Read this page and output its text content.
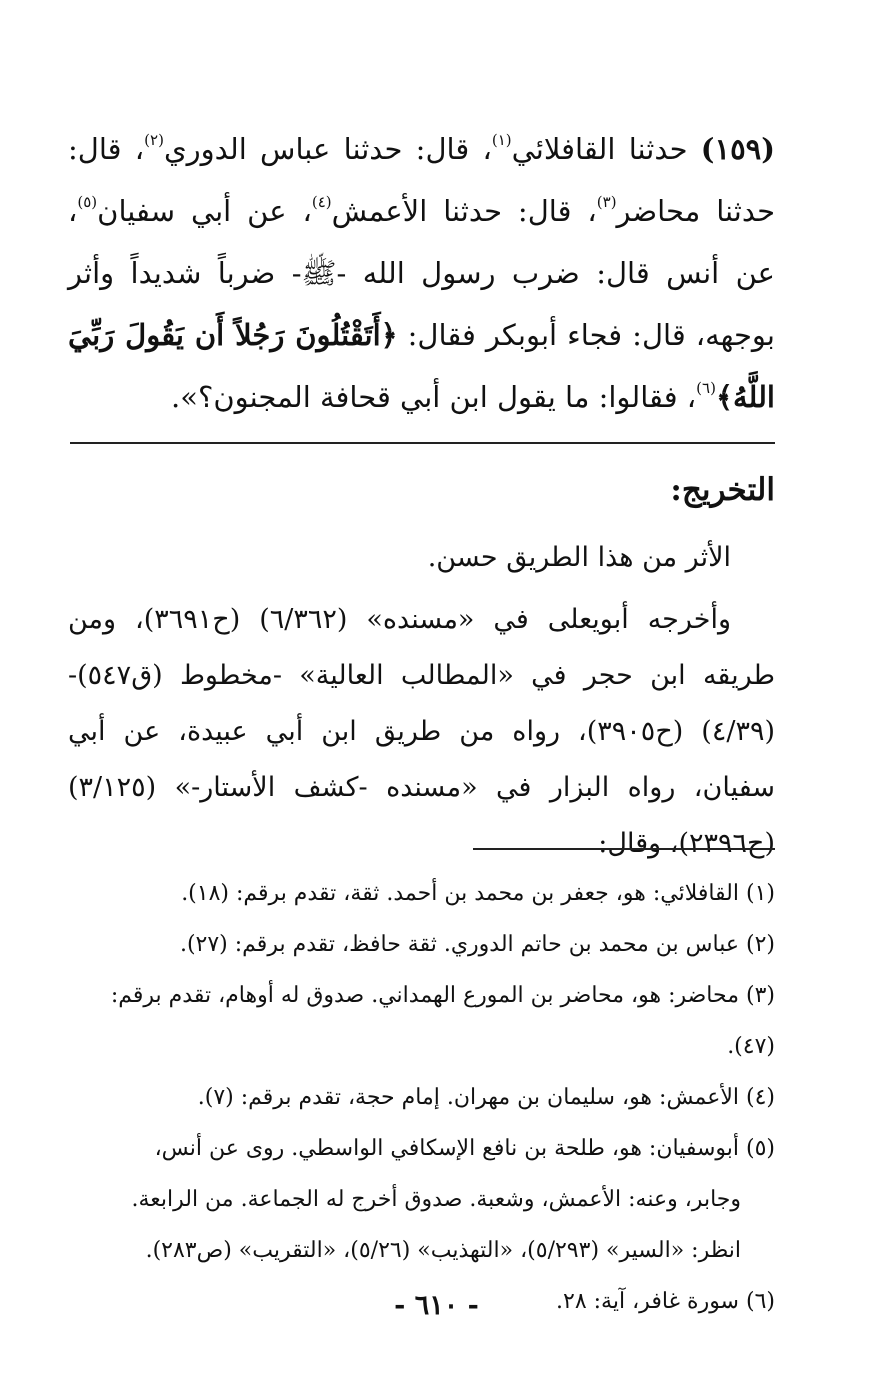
(١٥٩) حدثنا القافلائي$^{(١)}$، قال: حدثنا عباس الدوري$^{(٢)}$، قال: حدثنا محاضر$^{(٣)}$، قال: حدثنا الأعمش$^{(٤)}$، عن أبي سفيان$^{(٥)}$، عن أنس قال: ضرب رسول الله -ﷺ- ضرباً شديداً وأثر بوجهه، قال: فجاء أبوبكر فقال: ﴿أَتَقْتُلُونَ رَجُلاً أَن يَقُولَ رَبِّيَ اللَّهُ﴾$^{(٦)}$، فقالوا: ما يقول ابن أبي قحافة المجنون؟».
التخريج:

الأثر من هذا الطريق حسن.

وأخرجه أبويعلى في «مسنده» (٦/٣٦٢) (ح٣٦٩١)، ومن طريقه ابن حجر في «المطالب العالية» -مخطوط (ق٥٤٧)- (٤/٣٩) (ح٣٩٠٥)، رواه من طريق ابن أبي عبيدة، عن أبي سفيان، رواه البزار في «مسنده -كشف الأستار-» (٣/١٢٥) (ح٢٣٩٦)، وقال:

(١) القافلائي: هو، جعفر بن محمد بن أحمد. ثقة، تقدم برقم: (١٨).
(٢) عباس بن محمد بن حاتم الدوري. ثقة حافظ، تقدم برقم: (٢٧).
(٣) محاضر: هو، محاضر بن المورع الهمداني. صدوق له أوهام، تقدم برقم: (٤٧).
(٤) الأعمش: هو، سليمان بن مهران. إمام حجة، تقدم برقم: (٧).
(٥) أبوسفيان: هو، طلحة بن نافع الإسكافي الواسطي. روى عن أنس،
وجابر، وعنه: الأعمش، وشعبة. صدوق أخرج له الجماعة. من الرابعة.
انظر: «السير» (٥/٢٩٣)، «التهذيب» (٥/٢٦)، «التقريب» (ص٢٨٣).
(٦) سورة غافر، آية: ٢٨.
- ٦١٠ -
